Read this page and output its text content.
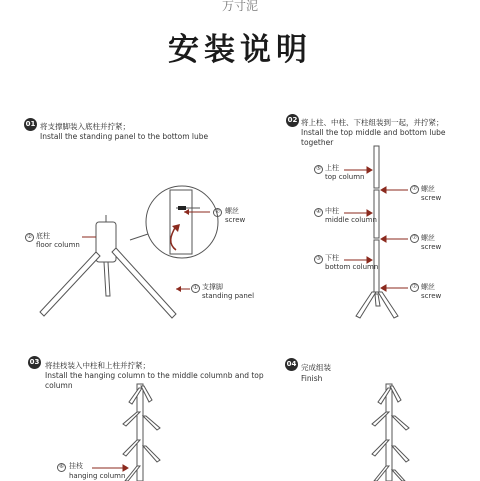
万寸泥
安装说明
01 将支撑脚装入底柱并拧紧；
Install the standing panel to the bottom lube
02 将上柱、中柱、下柱组装到一起，并拧紧；
Install the top middle and bottom lube together
03 将挂枝装入中柱和上柱并拧紧；
Install the hanging column to the middle columnb and top column
04 完成组装
Finish
② 底柱
floor column
⑦ 螺丝
screw
① 支撑脚
standing panel
⑤ 上柱
top column
④ 中柱
middle column
③ 下柱
bottom column
⑦ 螺丝
screw
⑦ 螺丝
screw
⑦ 螺丝
screw
⑥ 挂枝
hanging column
